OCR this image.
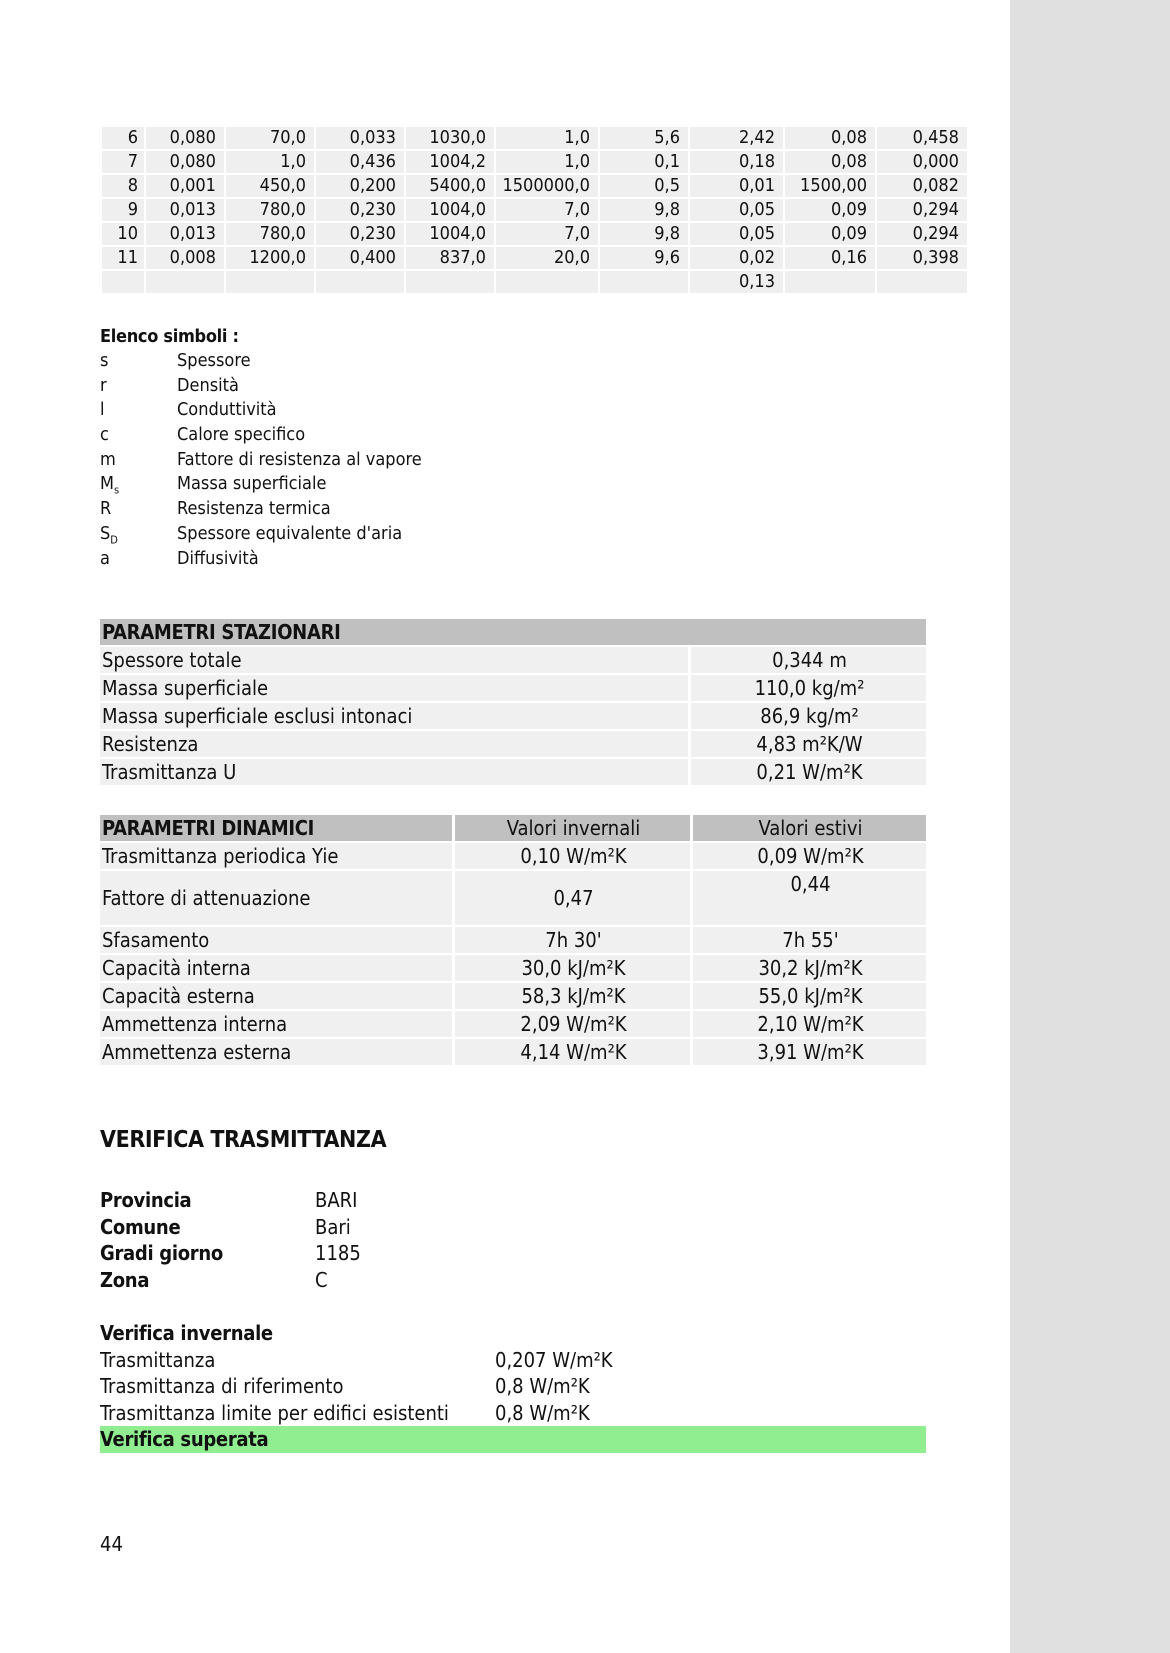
6	0,080	70,0	0,033	1030,0	1,0	5,6	2,42	0,08	0,458
7	0,080	1,0	0,436	1004,2	1,0	0,1	0,18	0,08	0,000
8	0,001	450,0	0,200	5400,0	1500000,0	0,5	0,01	1500,00	0,082
9	0,013	780,0	0,230	1004,0	7,0	9,8	0,05	0,09	0,294
10	0,013	780,0	0,230	1004,0	7,0	9,8	0,05	0,09	0,294
11	0,008	1200,0	0,400	837,0	20,0	9,6	0,02	0,16	0,398
							0,13		
Elenco simboli :
s	Spessore
r	Densità
l	Conduttività
c	Calore specifico
m	Fattore di resistenza al vapore
$M_s$	Massa superficiale
R	Resistenza termica
$S_D$	Spessore equivalente d'aria
a	Diffusività
PARAMETRI STAZIONARI	
Spessore totale	0,344 m
Massa superficiale	110,0 kg/m²
Massa superficiale esclusi intonaci	86,9 kg/m²
Resistenza	4,83 m²K/W
Trasmittanza U	0,21 W/m²K
PARAMETRI DINAMICI	Valori invernali	Valori estivi
Trasmittanza periodica Yie	0,10 W/m²K	0,09 W/m²K
Fattore di attenuazione	0,47	0,44
Sfasamento	7h 30'	7h 55'
Capacità interna	30,0 kJ/m²K	30,2 kJ/m²K
Capacità esterna	58,3 kJ/m²K	55,0 kJ/m²K
Ammettenza interna	2,09 W/m²K	2,10 W/m²K
Ammettenza esterna	4,14 W/m²K	3,91 W/m²K
VERIFICA TRASMITTANZA
Provincia	BARI
Comune	Bari
Gradi giorno	1185
Zona	C
Verifica invernale
Trasmittanza	0,207 W/m²K
Trasmittanza di riferimento	0,8 W/m²K
Trasmittanza limite per edifici esistenti 0,8 W/m²K
Verifica superata
44
